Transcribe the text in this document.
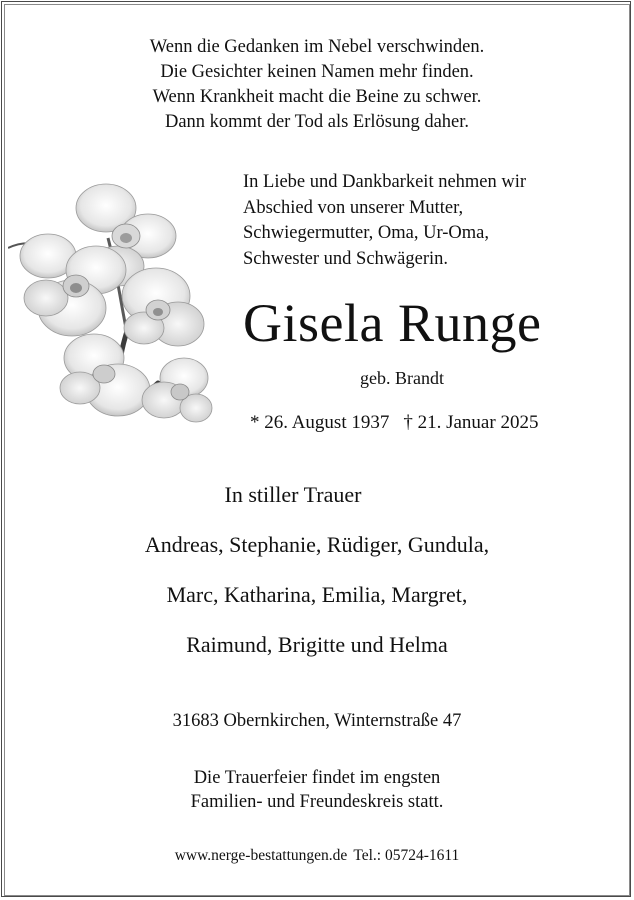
Wenn die Gedanken im Nebel verschwinden.
Die Gesichter keinen Namen mehr finden.
Wenn Krankheit macht die Beine zu schwer.
Dann kommt der Tod als Erlösung daher.
In Liebe und Dankbarkeit nehmen wir
Abschied von unserer Mutter,
Schwiegermutter, Oma, Ur-Oma,
Schwester und Schwägerin.
Gisela Runge
geb. Brandt
* 26. August 1937 † 21. Januar 2025
In stiller Trauer
Andreas, Stephanie, Rüdiger, Gundula,
Marc, Katharina, Emilia, Margret,
Raimund, Brigitte und Helma
31683 Obernkirchen, Winternstraße 47
Die Trauerfeier findet im engsten
Familien- und Freundeskreis statt.
www.nerge-bestattungen.de Tel.: 05724-1611
